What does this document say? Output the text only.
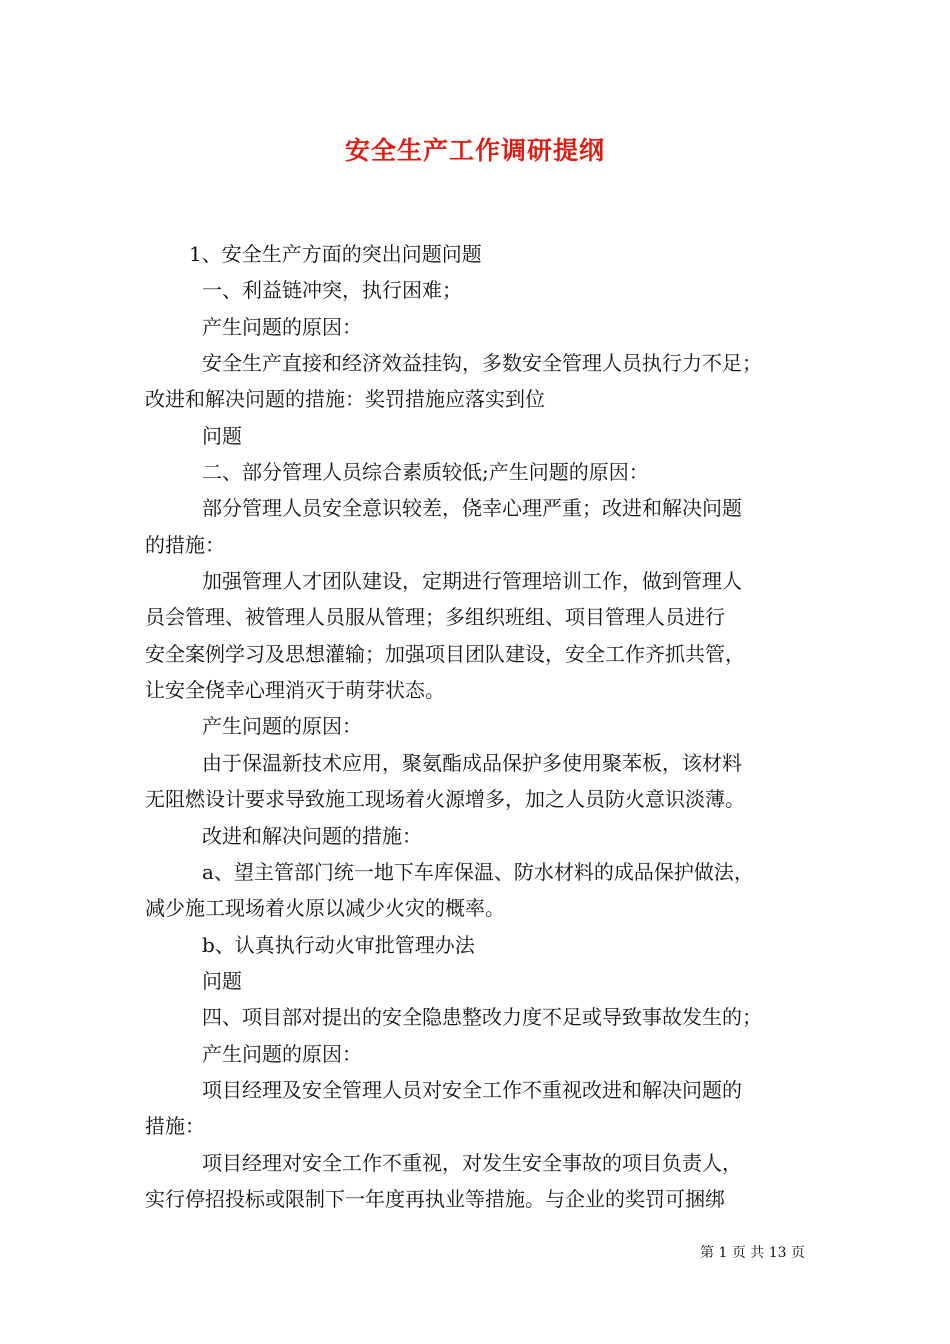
安全生产工作调研提纲
1、安全生产方面的突出问题问题
一、利益链冲突，执行困难；
产生问题的原因：
安全生产直接和经济效益挂钩，多数安全管理人员执行力不足；
改进和解决问题的措施：奖罚措施应落实到位
问题
二、部分管理人员综合素质较低;产生问题的原因：
部分管理人员安全意识较差，侥幸心理严重；改进和解决问题
的措施：
加强管理人才团队建设，定期进行管理培训工作，做到管理人
员会管理、被管理人员服从管理；多组织班组、项目管理人员进行
安全案例学习及思想灌输；加强项目团队建设，安全工作齐抓共管，
让安全侥幸心理消灭于萌芽状态。
产生问题的原因：
由于保温新技术应用，聚氨酯成品保护多使用聚苯板，该材料
无阻燃设计要求导致施工现场着火源增多，加之人员防火意识淡薄。
改进和解决问题的措施：
a、望主管部门统一地下车库保温、防水材料的成品保护做法，
减少施工现场着火原以减少火灾的概率。
b、认真执行动火审批管理办法
问题
四、项目部对提出的安全隐患整改力度不足或导致事故发生的；
产生问题的原因：
项目经理及安全管理人员对安全工作不重视改进和解决问题的
措施：
项目经理对安全工作不重视，对发生安全事故的项目负责人，
实行停招投标或限制下一年度再执业等措施。与企业的奖罚可捆绑
第 1 页 共 13 页
